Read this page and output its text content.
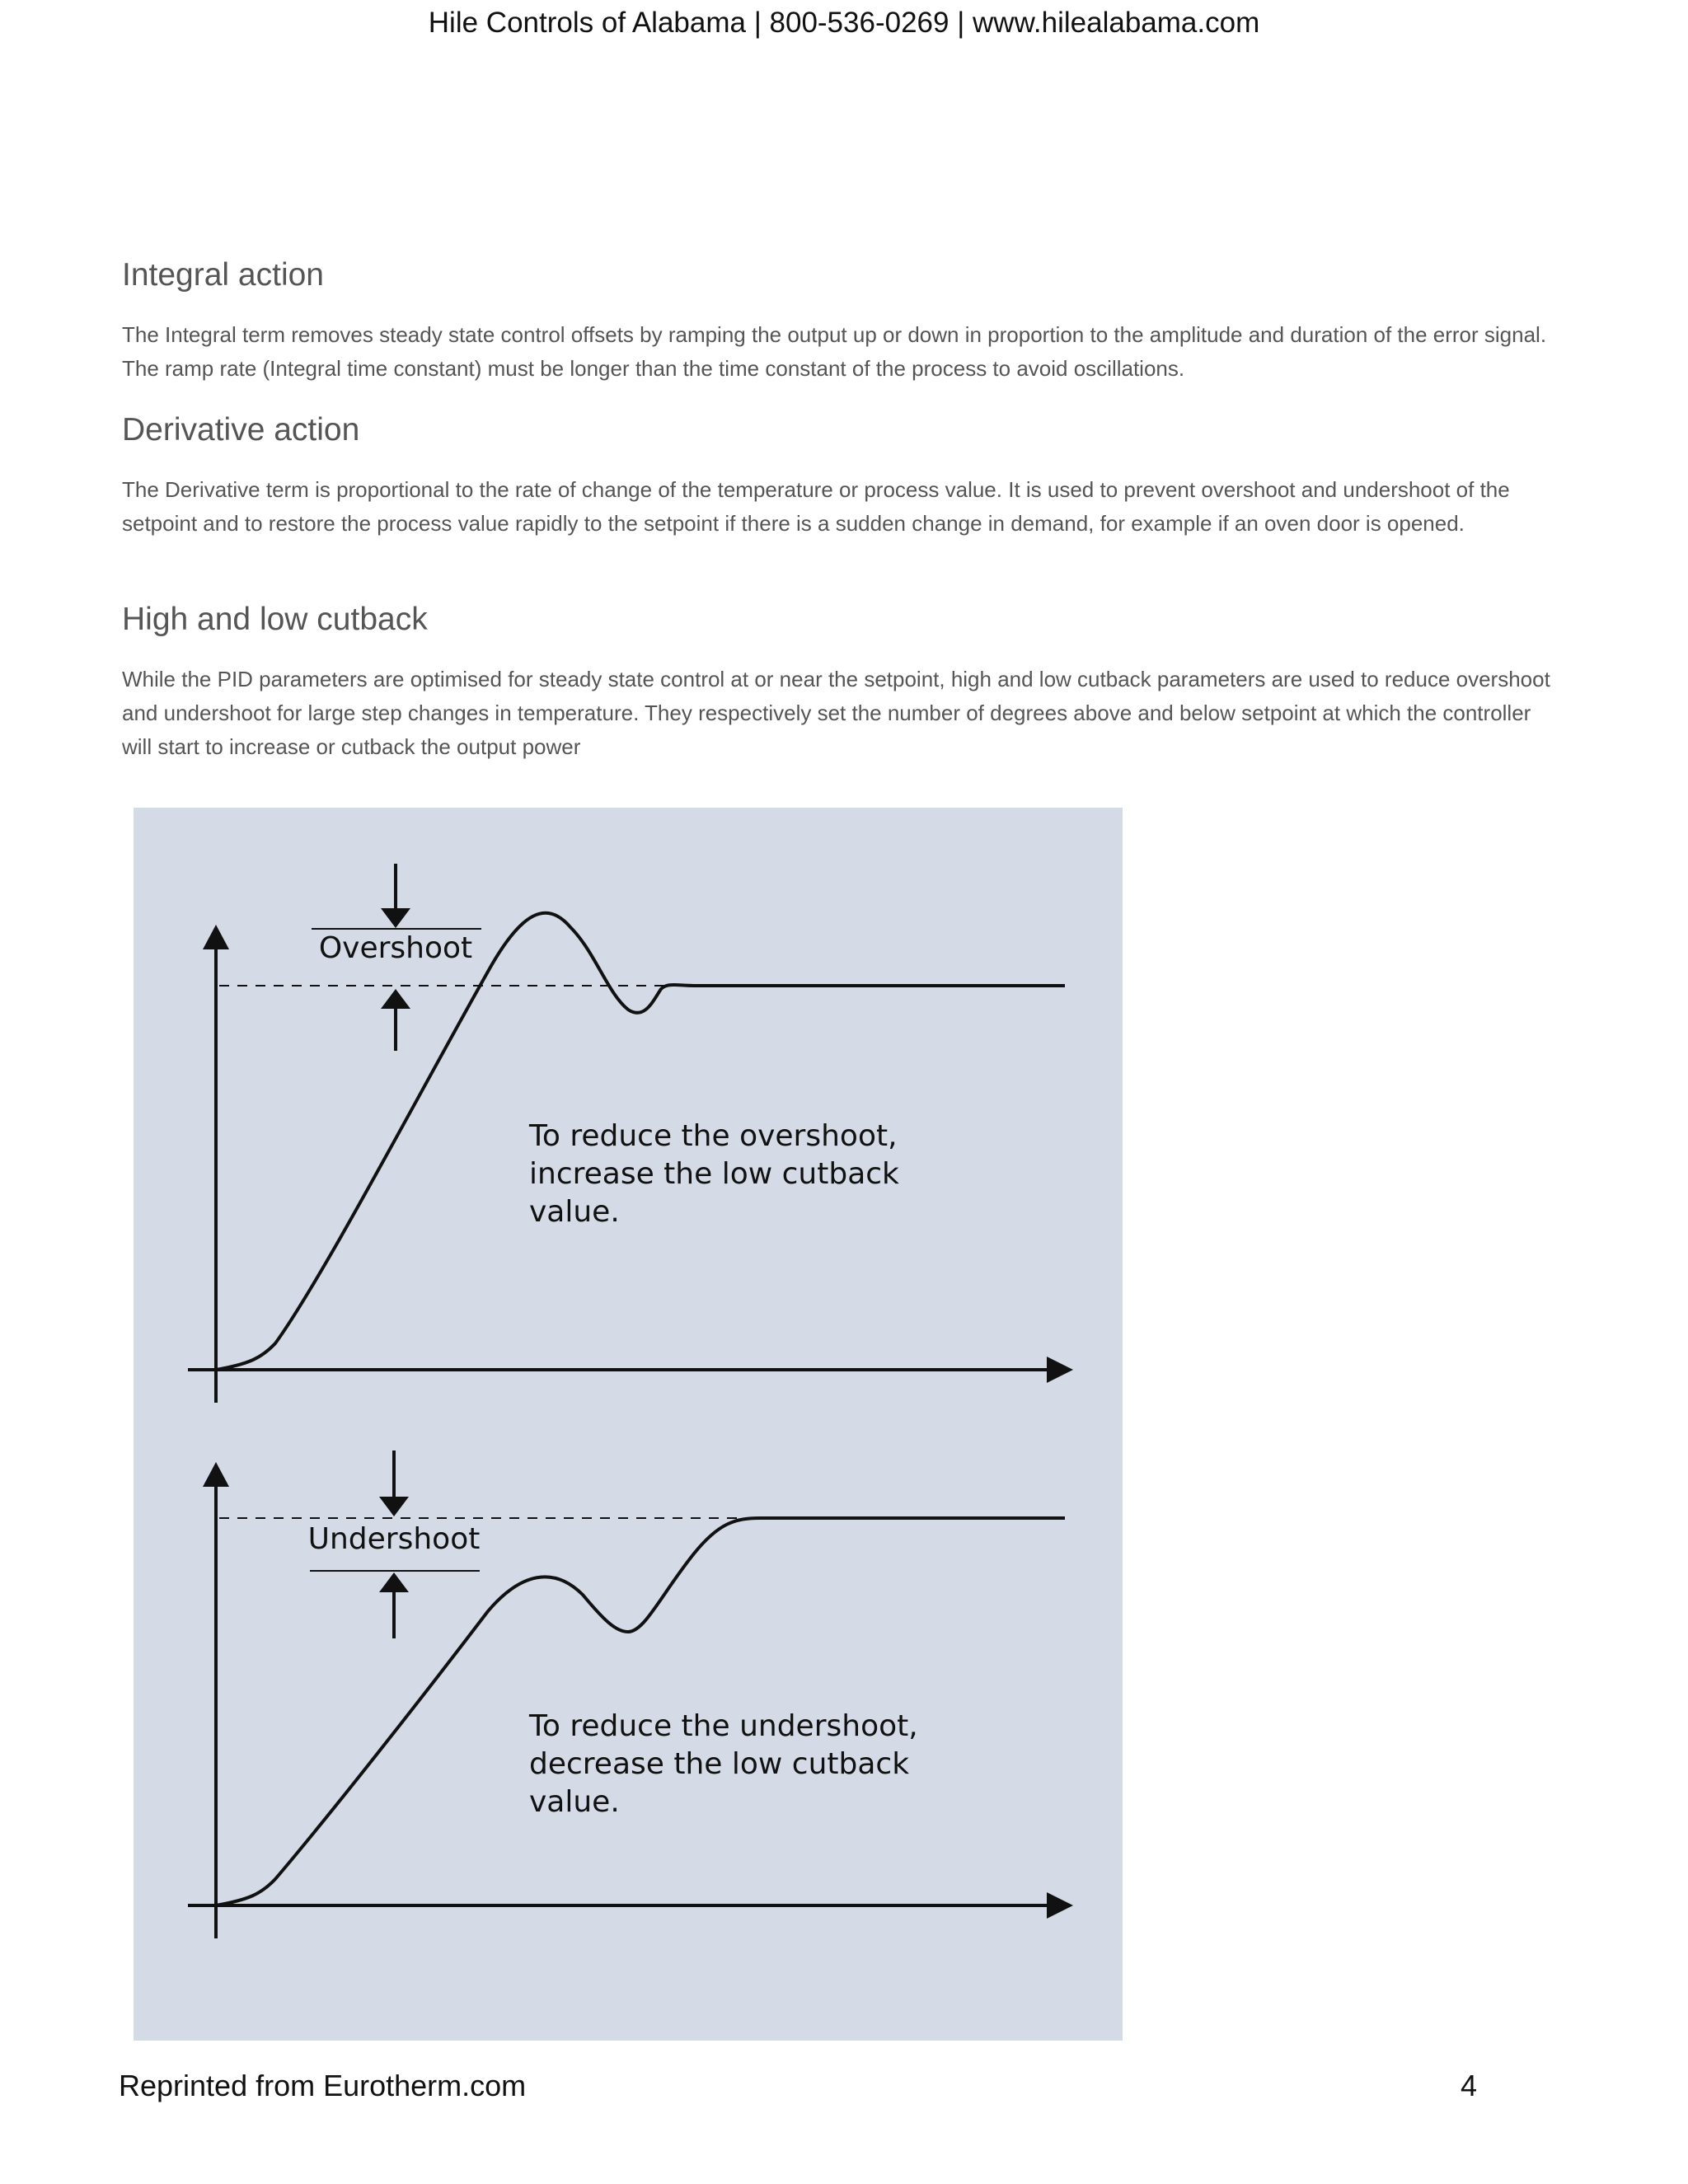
Hile Controls of Alabama | 800-536-0269 | www.hilealabama.com
Integral action
The Integral term removes steady state control offsets by ramping the output up or down in proportion to the amplitude and duration of the error signal. The ramp rate (Integral time constant) must be longer than the time constant of the process to avoid oscillations.
Derivative action
The Derivative term is proportional to the rate of change of the temperature or process value. It is used to prevent overshoot and undershoot of the setpoint and to restore the process value rapidly to the setpoint if there is a sudden change in demand, for example if an oven door is opened.
High and low cutback
While the PID parameters are optimised for steady state control at or near the setpoint, high and low cutback parameters are used to reduce overshoot and undershoot for large step changes in temperature. They respectively set the number of degrees above and below setpoint at which the controller will start to increase or cutback the output power
Overshoot
To reduce the overshoot,
increase the low cutback
value.
Undershoot
To reduce the undershoot,
decrease the low cutback
value.
Reprinted from Eurotherm.com	4
